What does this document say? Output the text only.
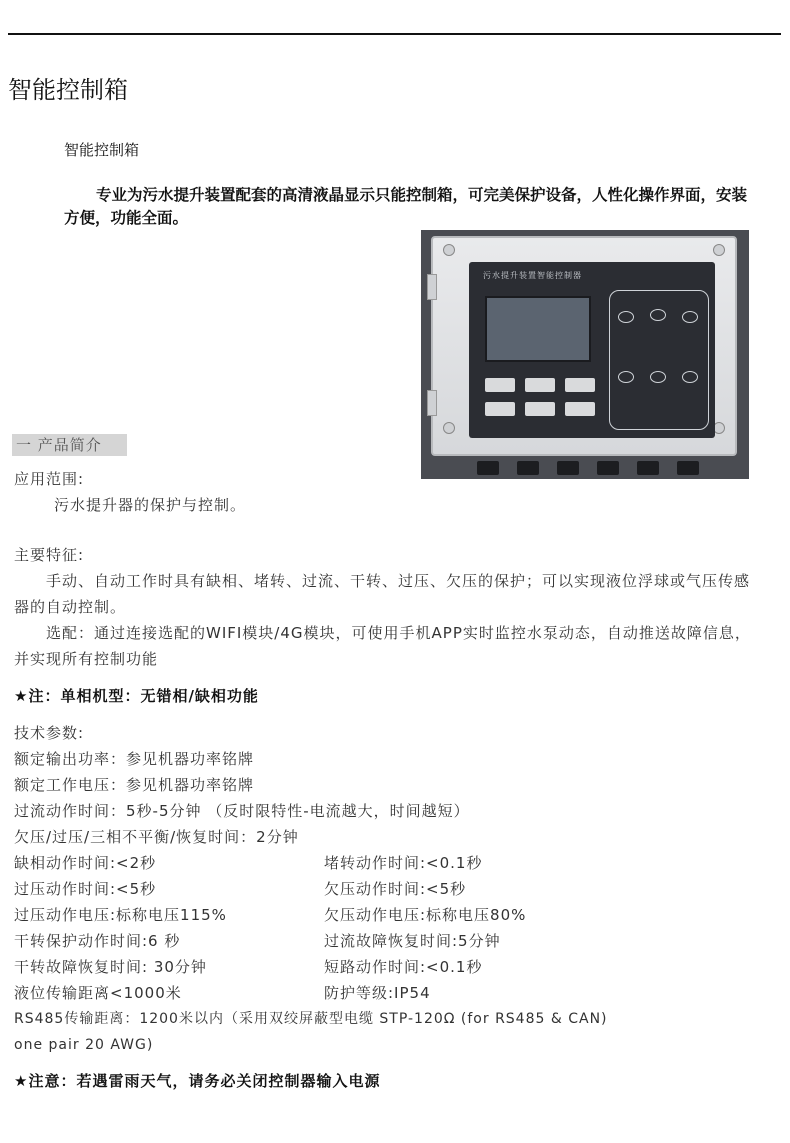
智能控制箱
智能控制箱

专业为污水提升装置配套的高清液晶显示只能控制箱，可完美保护设备，人性化操作界面，安装方便，功能全面。

污水提升装置智能控制器
一 产品简介
应用范围:
污水提升器的保护与控制。
主要特征:
手动、自动工作时具有缺相、堵转、过流、干转、过压、欠压的保护；可以实现液位浮球或气压传感器的自动控制。
选配：通过连接选配的WIFI模块/4G模块，可使用手机APP实时监控水泵动态，自动推送故障信息，并实现所有控制功能
★注：单相机型：无错相/缺相功能
技术参数:
额定输出功率：参见机器功率铭牌
额定工作电压：参见机器功率铭牌
过流动作时间：5秒-5分钟 （反时限特性-电流越大，时间越短）
欠压/过压/三相不平衡/恢复时间：2分钟
缺相动作时间:<2秒	堵转动作时间:<0.1秒
过压动作时间:<5秒	欠压动作时间:<5秒
过压动作电压:标称电压115%	欠压动作电压:标称电压80%
干转保护动作时间:6 秒	过流故障恢复时间:5分钟
干转故障恢复时间: 30分钟	短路动作时间:<0.1秒
液位传输距离<1000米	防护等级:IP54
RS485传输距离：1200米以内（采用双绞屏蔽型电缆 STP-120Ω (for RS485 & CAN)
one pair 20 AWG)
★注意：若遇雷雨天气，请务必关闭控制器输入电源
